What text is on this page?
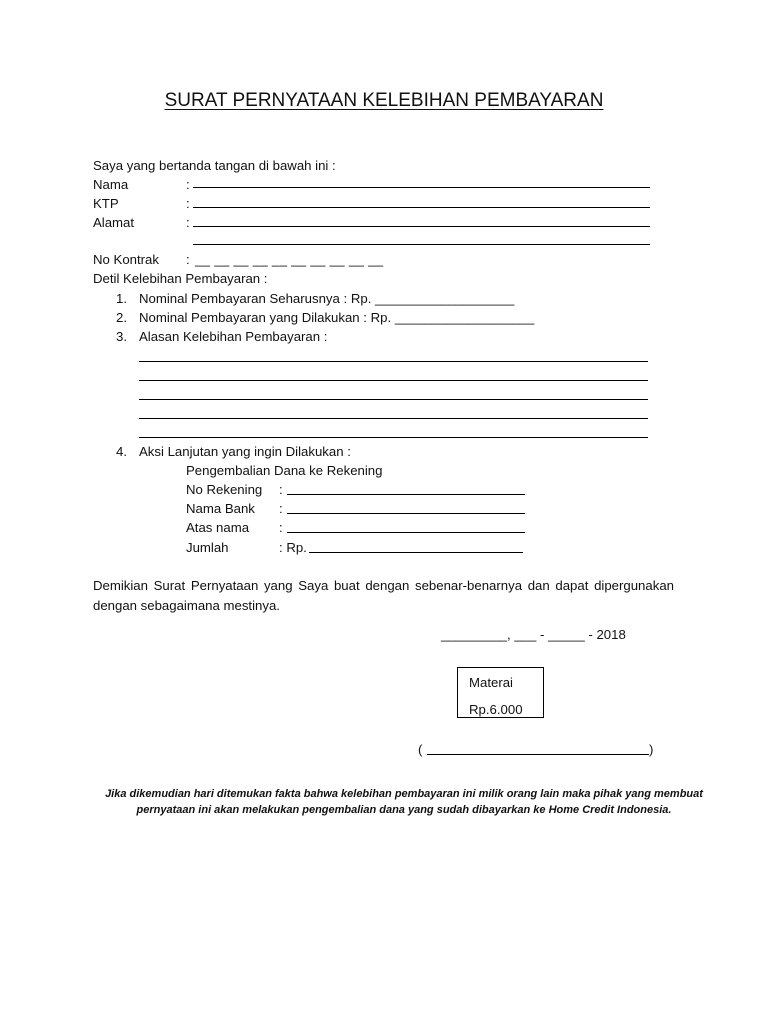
SURAT PERNYATAAN KELEBIHAN PEMBAYARAN
Saya yang bertanda tangan di bawah ini :
Nama	:
KTP	:
Alamat	:
No Kontrak : __ __ __ __ __ __ __ __ __ __
Detil Kelebihan Pembayaran :
1. Nominal Pembayaran Seharusnya : Rp. ___________________
2. Nominal Pembayaran yang Dilakukan : Rp. ___________________
3. Alasan Kelebihan Pembayaran :
4. Aksi Lanjutan yang ingin Dilakukan :
Pengembalian Dana ke Rekening
No Rekening :
Nama Bank :
Atas nama :
Jumlah	: Rp.
Demikian Surat Pernyataan yang Saya buat dengan sebenar-benarnya dan dapat dipergunakan dengan sebagaimana mestinya.
_________, ___ - _____ - 2018
Materai
Rp.6.000
(	)
Jika dikemudian hari ditemukan fakta bahwa kelebihan pembayaran ini milik orang lain maka pihak yang membuat pernyataan ini akan melakukan pengembalian dana yang sudah dibayarkan ke Home Credit Indonesia.
